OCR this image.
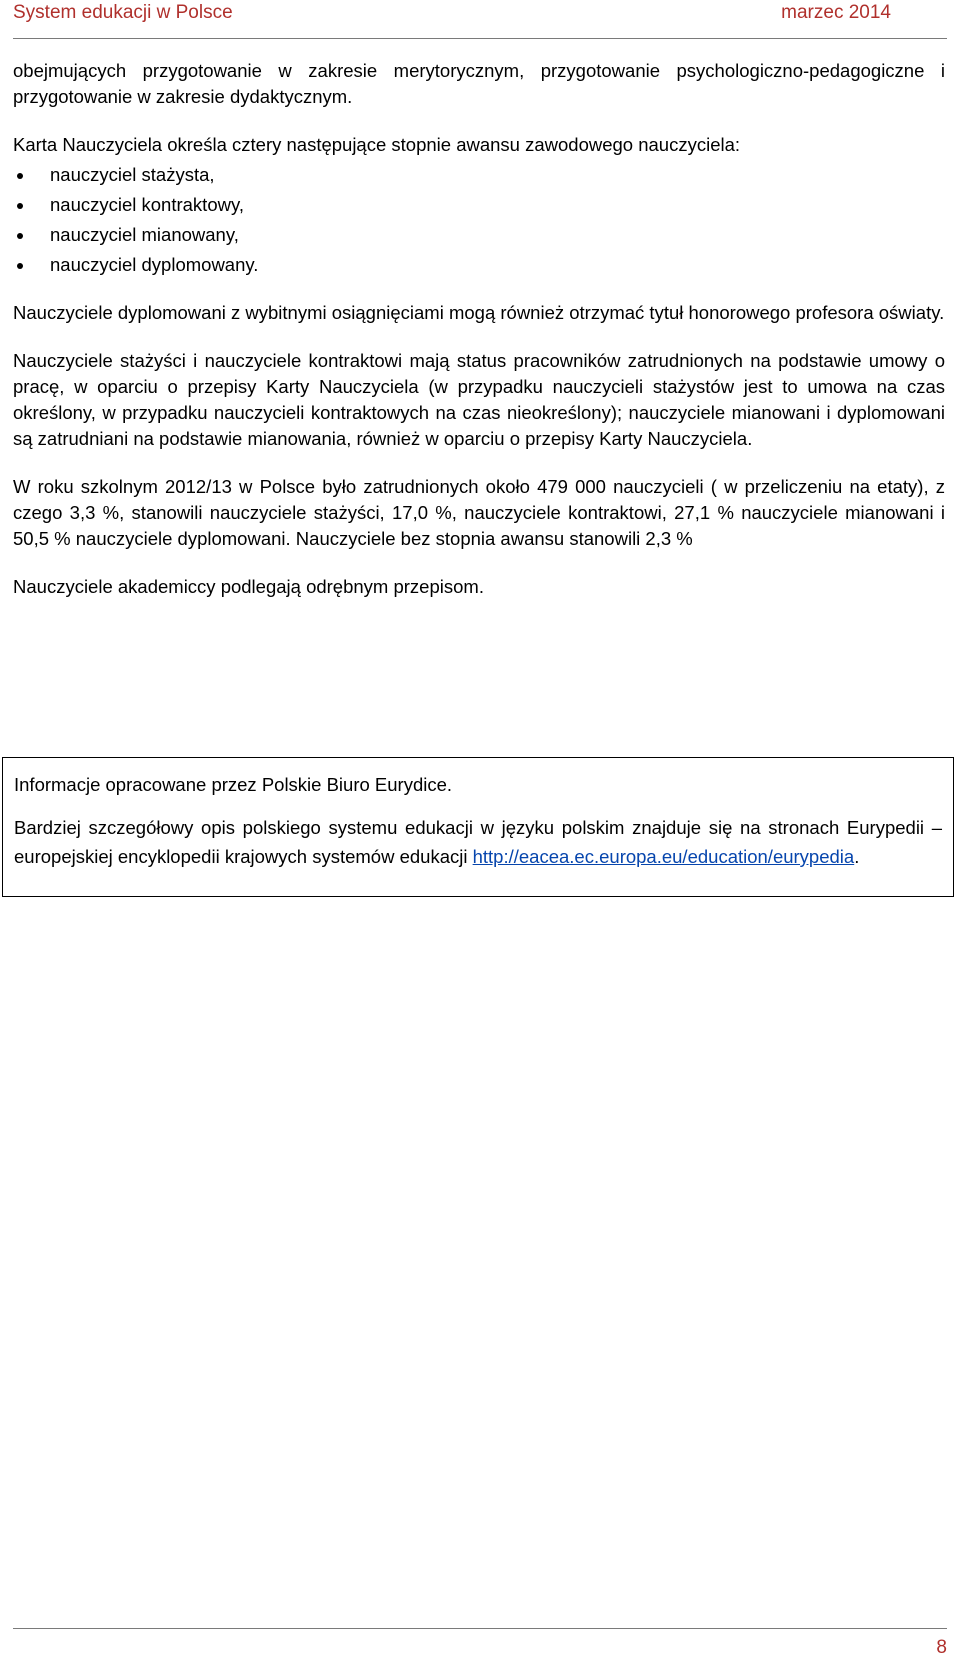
System edukacji w Polsce	marzec 2014

obejmujących przygotowanie w zakresie merytorycznym, przygotowanie psychologiczno-pedagogiczne i przygotowanie w zakresie dydaktycznym.

Karta Nauczyciela określa cztery następujące stopnie awansu zawodowego nauczyciela:

nauczyciel stażysta,
nauczyciel kontraktowy,
nauczyciel mianowany,
nauczyciel dyplomowany.

Nauczyciele dyplomowani z wybitnymi osiągnięciami mogą również otrzymać tytuł honorowego profesora oświaty.

Nauczyciele stażyści i nauczyciele kontraktowi mają status pracowników zatrudnionych na podstawie umowy o pracę, w oparciu o przepisy Karty Nauczyciela (w przypadku nauczycieli stażystów jest to umowa na czas określony, w przypadku nauczycieli kontraktowych na czas nieokreślony); nauczyciele mianowani i dyplomowani są zatrudniani na podstawie mianowania, również w oparciu o przepisy Karty Nauczyciela.

W roku szkolnym 2012/13 w Polsce było zatrudnionych około 479 000 nauczycieli ( w przeliczeniu na etaty), z czego 3,3 %, stanowili nauczyciele stażyści, 17,0 %, nauczyciele kontraktowi, 27,1 % nauczyciele mianowani i 50,5 % nauczyciele dyplomowani. Nauczyciele bez stopnia awansu stanowili 2,3 %

Nauczyciele akademiccy podlegają odrębnym przepisom.

Informacje opracowane przez Polskie Biuro Eurydice.

Bardziej szczegółowy opis polskiego systemu edukacji w języku polskim znajduje się na stronach Eurypedii – europejskiej encyklopedii krajowych systemów edukacji http://eacea.ec.europa.eu/education/eurypedia.

8
